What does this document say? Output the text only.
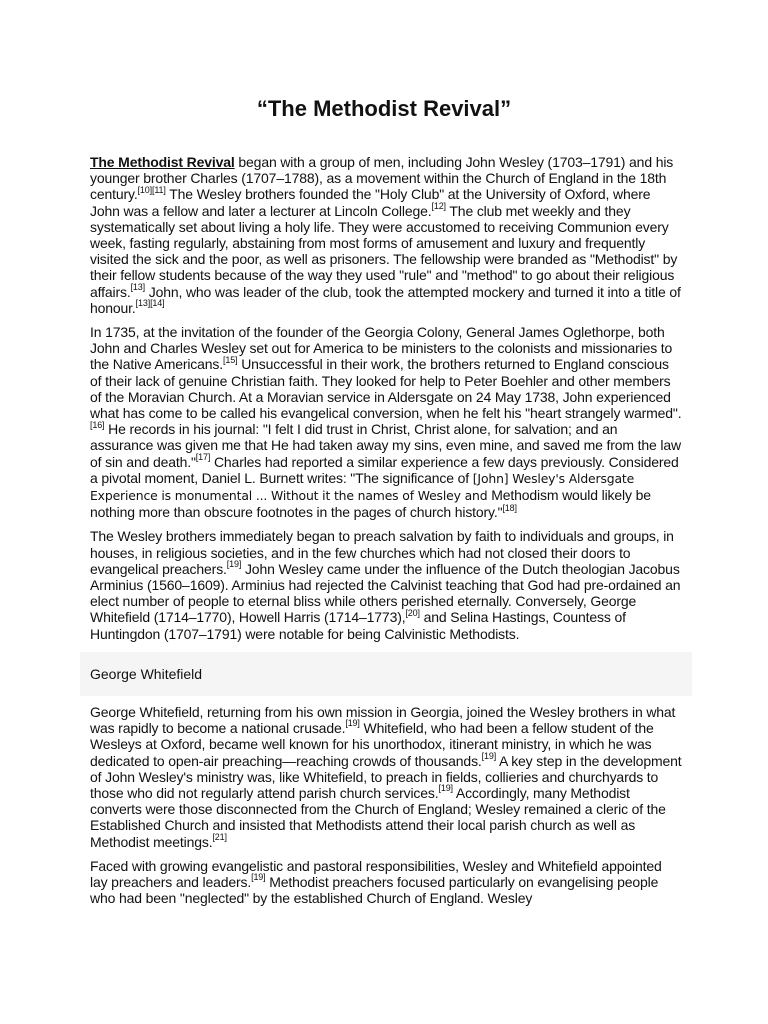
“The Methodist Revival”

The Methodist Revival began with a group of men, including John Wesley (1703–1791) and his younger brother Charles (1707–1788), as a movement within the Church of England in the 18th century.[10][11] The Wesley brothers founded the "Holy Club" at the University of Oxford, where John was a fellow and later a lecturer at Lincoln College.[12] The club met weekly and they systematically set about living a holy life. They were accustomed to receiving Communion every week, fasting regularly, abstaining from most forms of amusement and luxury and frequently visited the sick and the poor, as well as prisoners. The fellowship were branded as "Methodist" by their fellow students because of the way they used "rule" and "method" to go about their religious affairs.[13] John, who was leader of the club, took the attempted mockery and turned it into a title of honour.[13][14]

In 1735, at the invitation of the founder of the Georgia Colony, General James Oglethorpe, both John and Charles Wesley set out for America to be ministers to the colonists and missionaries to the Native Americans.[15] Unsuccessful in their work, the brothers returned to England conscious of their lack of genuine Christian faith. They looked for help to Peter Boehler and other members of the Moravian Church. At a Moravian service in Aldersgate on 24 May 1738, John experienced what has come to be called his evangelical conversion, when he felt his "heart strangely warmed".[16] He records in his journal: "I felt I did trust in Christ, Christ alone, for salvation; and an assurance was given me that He had taken away my sins, even mine, and saved me from the law of sin and death."[17] Charles had reported a similar experience a few days previously. Considered a pivotal moment, Daniel L. Burnett writes: "The significance of [John] Wesley's Aldersgate Experience is monumental ... Without it the names of Wesley and Methodism would likely be nothing more than obscure footnotes in the pages of church history."[18]

The Wesley brothers immediately began to preach salvation by faith to individuals and groups, in houses, in religious societies, and in the few churches which had not closed their doors to evangelical preachers.[19] John Wesley came under the influence of the Dutch theologian Jacobus Arminius (1560–1609). Arminius had rejected the Calvinist teaching that God had pre-ordained an elect number of people to eternal bliss while others perished eternally. Conversely, George Whitefield (1714–1770), Howell Harris (1714–1773),[20] and Selina Hastings, Countess of Huntingdon (1707–1791) were notable for being Calvinistic Methodists.

George Whitefield

George Whitefield, returning from his own mission in Georgia, joined the Wesley brothers in what was rapidly to become a national crusade.[19] Whitefield, who had been a fellow student of the Wesleys at Oxford, became well known for his unorthodox, itinerant ministry, in which he was dedicated to open-air preaching—reaching crowds of thousands.[19] A key step in the development of John Wesley's ministry was, like Whitefield, to preach in fields, collieries and churchyards to those who did not regularly attend parish church services.[19] Accordingly, many Methodist converts were those disconnected from the Church of England; Wesley remained a cleric of the Established Church and insisted that Methodists attend their local parish church as well as Methodist meetings.[21]

Faced with growing evangelistic and pastoral responsibilities, Wesley and Whitefield appointed lay preachers and leaders.[19] Methodist preachers focused particularly on evangelising people who had been "neglected" by the established Church of England. Wesley
